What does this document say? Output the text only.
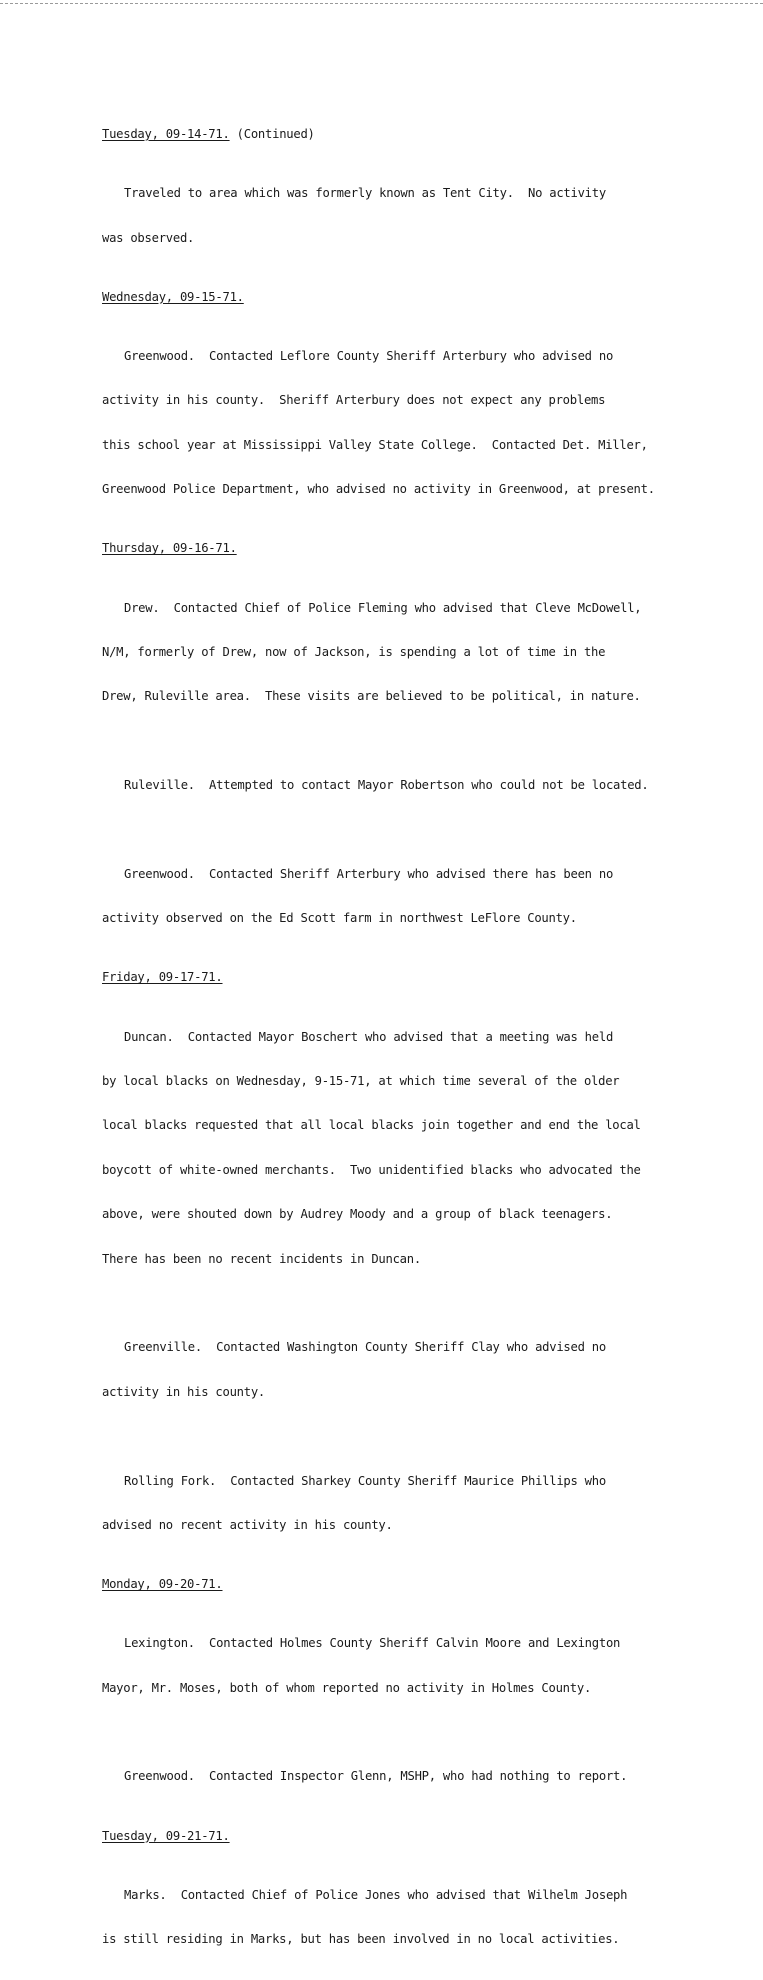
Tuesday, 09-14-71. (Continued)

Traveled to area which was formerly known as Tent City.  No activity

was observed.

Wednesday, 09-15-71.

Greenwood.  Contacted Leflore County Sheriff Arterbury who advised no

activity in his county.  Sheriff Arterbury does not expect any problems

this school year at Mississippi Valley State College.  Contacted Det. Miller,

Greenwood Police Department, who advised no activity in Greenwood, at present.

Thursday, 09-16-71.

Drew.  Contacted Chief of Police Fleming who advised that Cleve McDowell,

N/M, formerly of Drew, now of Jackson, is spending a lot of time in the

Drew, Ruleville area.  These visits are believed to be political, in nature.

Ruleville.  Attempted to contact Mayor Robertson who could not be located.

Greenwood.  Contacted Sheriff Arterbury who advised there has been no

activity observed on the Ed Scott farm in northwest LeFlore County.

Friday, 09-17-71.

Duncan.  Contacted Mayor Boschert who advised that a meeting was held

by local blacks on Wednesday, 9-15-71, at which time several of the older

local blacks requested that all local blacks join together and end the local

boycott of white-owned merchants.  Two unidentified blacks who advocated the

above, were shouted down by Audrey Moody and a group of black teenagers.

There has been no recent incidents in Duncan.

Greenville.  Contacted Washington County Sheriff Clay who advised no

activity in his county.

Rolling Fork.  Contacted Sharkey County Sheriff Maurice Phillips who

advised no recent activity in his county.

Monday, 09-20-71.

Lexington.  Contacted Holmes County Sheriff Calvin Moore and Lexington

Mayor, Mr. Moses, both of whom reported no activity in Holmes County.

Greenwood.  Contacted Inspector Glenn, MSHP, who had nothing to report.

Tuesday, 09-21-71.

Marks.  Contacted Chief of Police Jones who advised that Wilhelm Joseph

is still residing in Marks, but has been involved in no local activities.
